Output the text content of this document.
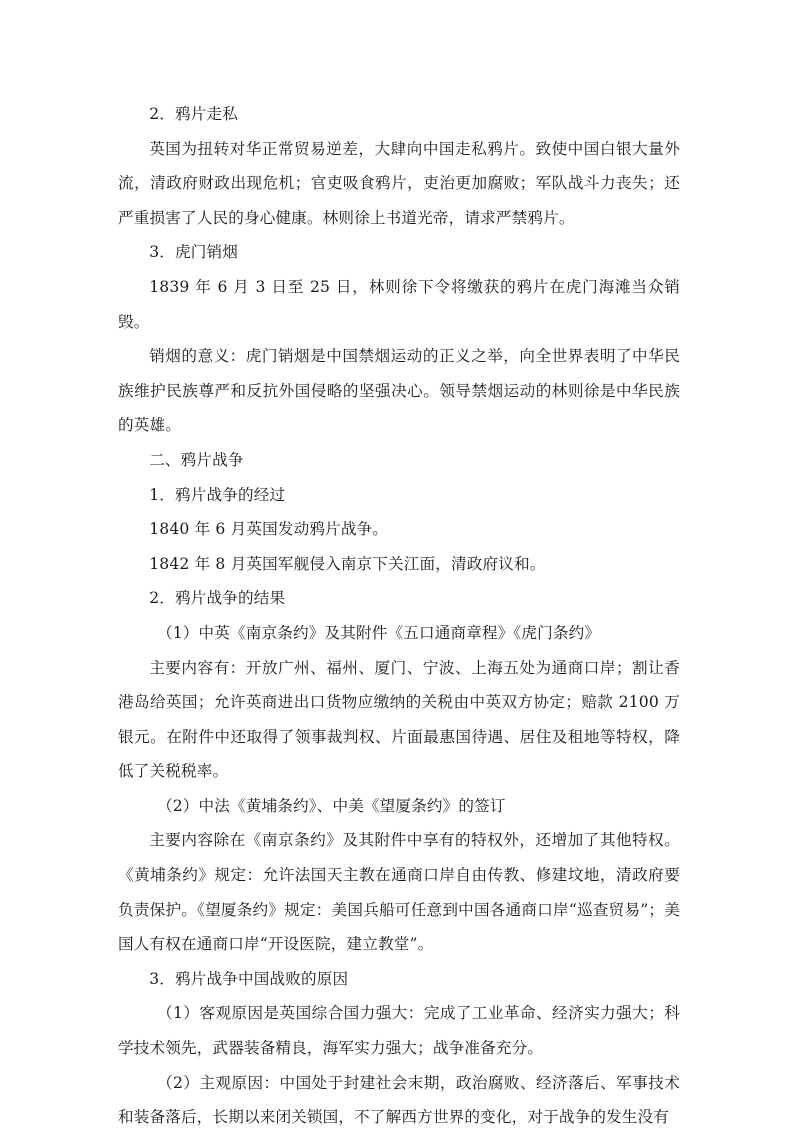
2．鸦片走私

英国为扭转对华正常贸易逆差，大肆向中国走私鸦片。致使中国白银大量外流，清政府财政出现危机；官吏吸食鸦片，吏治更加腐败；军队战斗力丧失；还严重损害了人民的身心健康。林则徐上书道光帝，请求严禁鸦片。

3．虎门销烟

1839 年 6 月 3 日至 25 日，林则徐下令将缴获的鸦片在虎门海滩当众销毁。

销烟的意义：虎门销烟是中国禁烟运动的正义之举，向全世界表明了中华民族维护民族尊严和反抗外国侵略的坚强决心。领导禁烟运动的林则徐是中华民族的英雄。

二、鸦片战争

1．鸦片战争的经过

1840 年 6 月英国发动鸦片战争。

1842 年 8 月英国军舰侵入南京下关江面，清政府议和。

2．鸦片战争的结果

（1）中英《南京条约》及其附件《五口通商章程》《虎门条约》

主要内容有：开放广州、福州、厦门、宁波、上海五处为通商口岸；割让香港岛给英国；允许英商进出口货物应缴纳的关税由中英双方协定；赔款 2100 万银元。在附件中还取得了领事裁判权、片面最惠国待遇、居住及租地等特权，降低了关税税率。

（2）中法《黄埔条约》、中美《望厦条约》的签订

主要内容除在《南京条约》及其附件中享有的特权外，还增加了其他特权。《黄埔条约》规定：允许法国天主教在通商口岸自由传教、修建坟地，清政府要负责保护。《望厦条约》规定：美国兵船可任意到中国各通商口岸“巡查贸易”；美国人有权在通商口岸“开设医院，建立教堂”。

3．鸦片战争中国战败的原因

（1）客观原因是英国综合国力强大：完成了工业革命、经济实力强大；科学技术领先，武器装备精良，海军实力强大；战争准备充分。

（2）主观原因：中国处于封建社会末期，政治腐败、经济落后、军事技术和装备落后，长期以来闭关锁国，不了解西方世界的变化，对于战争的发生没有
